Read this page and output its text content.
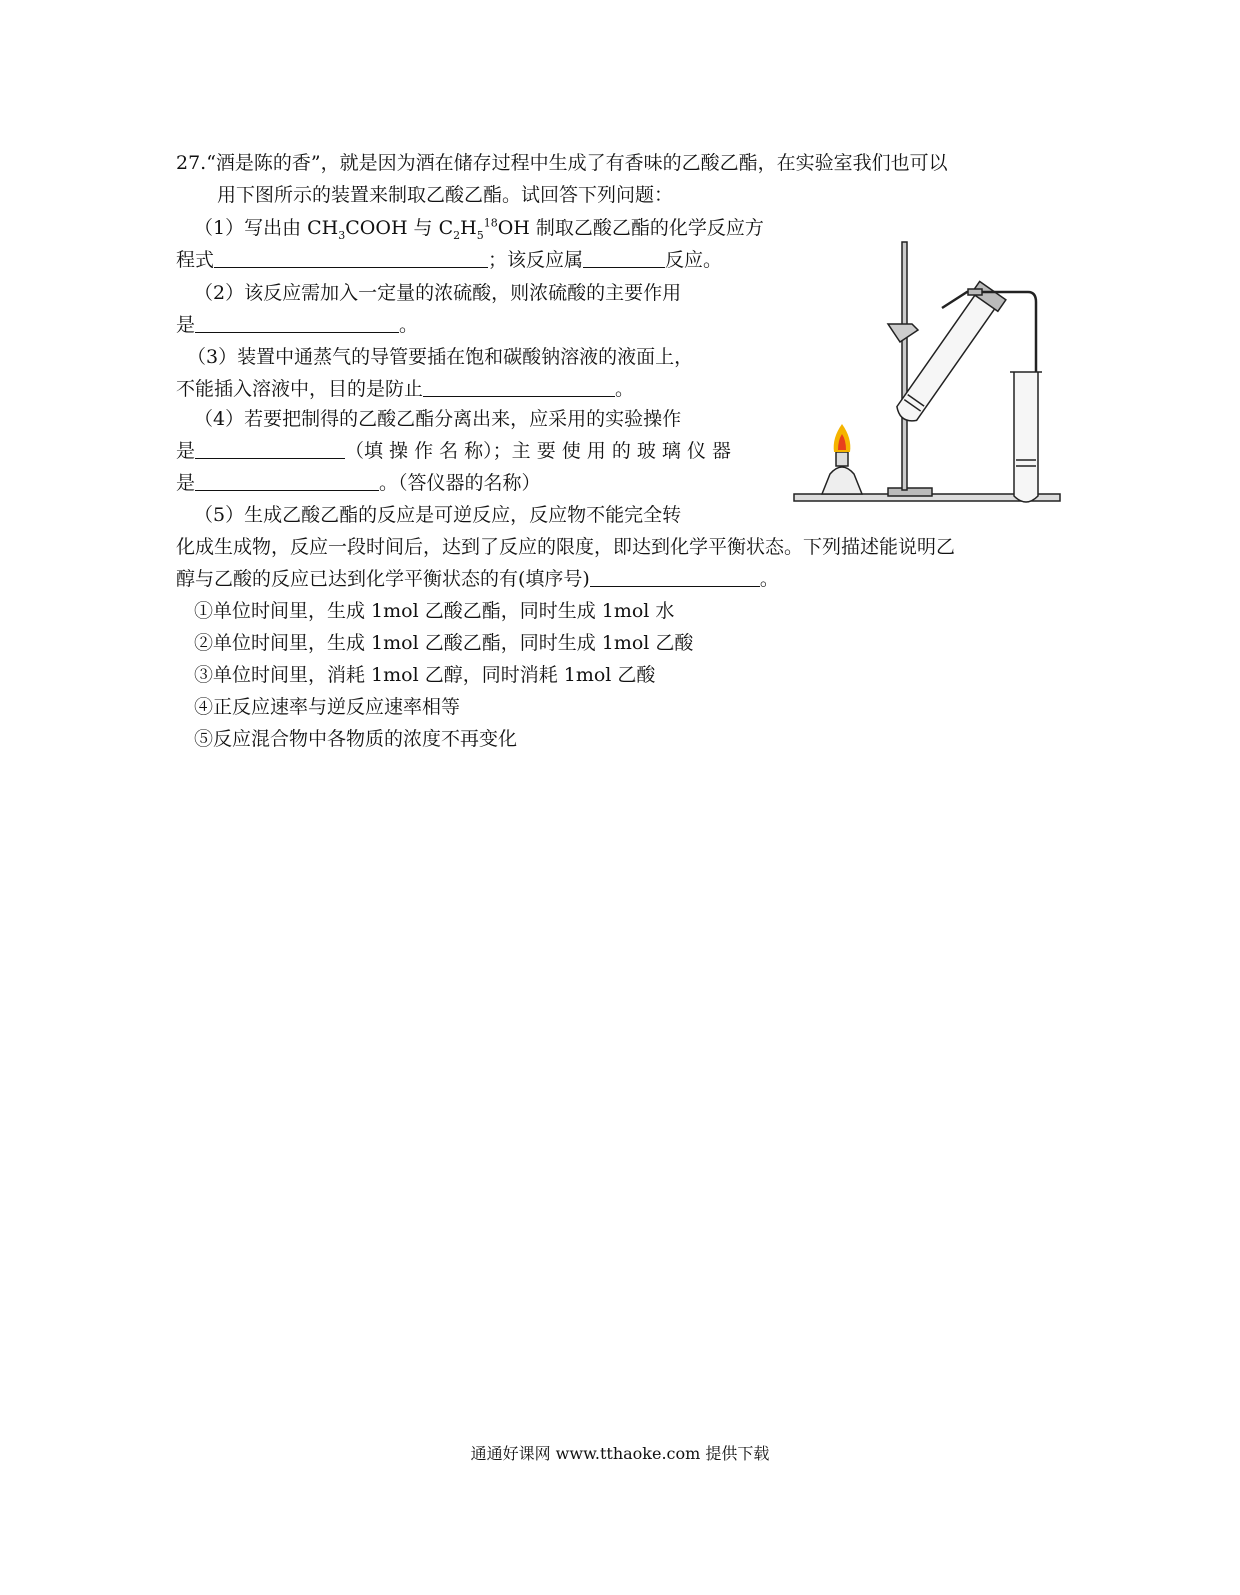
27.“酒是陈的香”，就是因为酒在储存过程中生成了有香味的乙酸乙酯，在实验室我们也可以
用下图所示的装置来制取乙酸乙酯。试回答下列问题：
（1）写出由 $CH_3COOH$ 与 $C_2H_5^{18}OH$ 制取乙酸乙酯的化学反应方
程式	；该反应属	反应。
（2）该反应需加入一定量的浓硫酸，则浓硫酸的主要作用
是	。
（3）装置中通蒸气的导管要插在饱和碳酸钠溶液的液面上，
不能插入溶液中，目的是防止	。
（4）若要把制得的乙酸乙酯分离出来，应采用的实验操作
是	（填 操 作 名 称）；主 要 使 用 的 玻 璃 仪 器
是	。（答仪器的名称）
（5）生成乙酸乙酯的反应是可逆反应，反应物不能完全转
化成生成物，反应一段时间后，达到了反应的限度，即达到化学平衡状态。下列描述能说明乙
醇与乙酸的反应已达到化学平衡状态的有(填序号)	。
①单位时间里，生成 1mol 乙酸乙酯，同时生成 1mol 水
②单位时间里，生成 1mol 乙酸乙酯，同时生成 1mol 乙酸
③单位时间里，消耗 1mol 乙醇，同时消耗 1mol 乙酸
④正反应速率与逆反应速率相等
⑤反应混合物中各物质的浓度不再变化
通通好课网 www.tthaoke.com 提供下载
